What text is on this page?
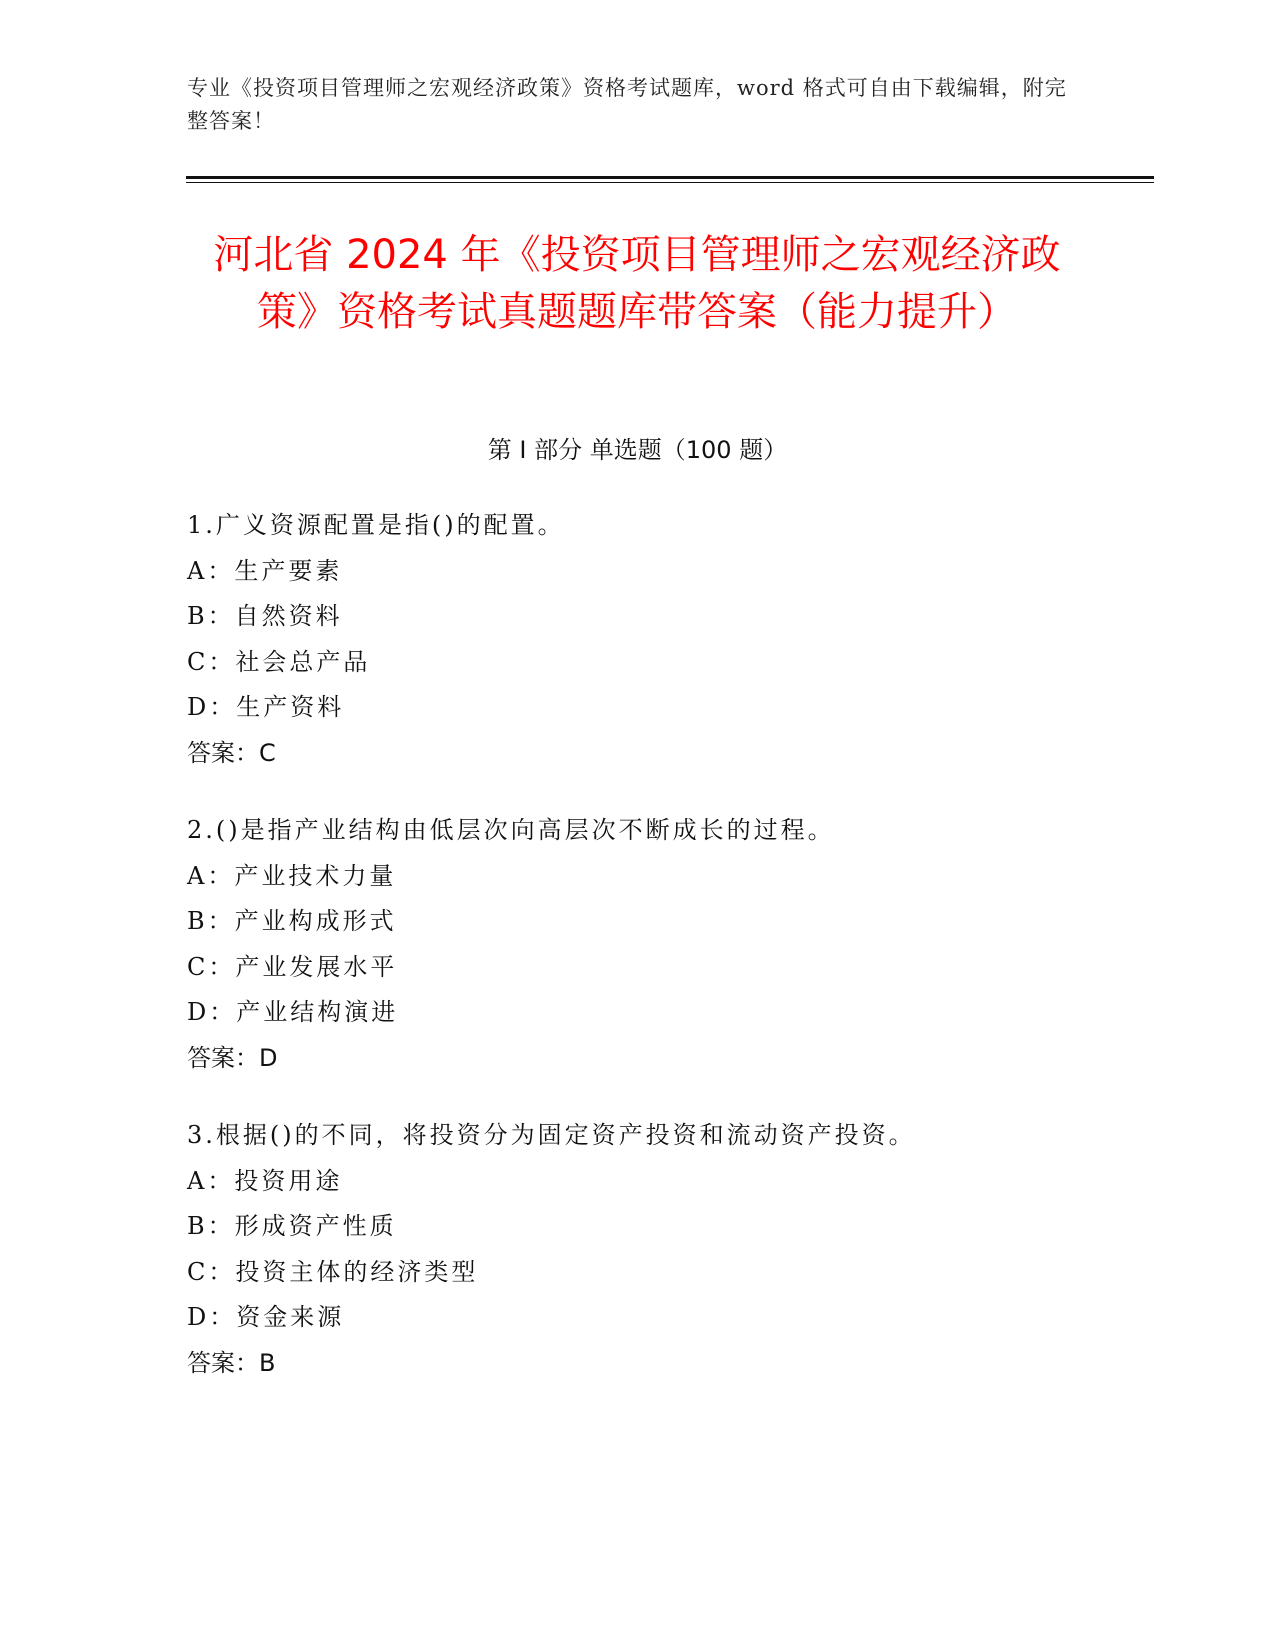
专业《投资项目管理师之宏观经济政策》资格考试题库，word 格式可自由下载编辑，附完整答案！
河北省 2024 年《投资项目管理师之宏观经济政策》资格考试真题题库带答案（能力提升）
第 I 部分 单选题（100 题）
1.广义资源配置是指()的配置。
A：生产要素
B：自然资料
C：社会总产品
D：生产资料
答案：C
2.()是指产业结构由低层次向高层次不断成长的过程。
A：产业技术力量
B：产业构成形式
C：产业发展水平
D：产业结构演进
答案：D
3.根据()的不同，将投资分为固定资产投资和流动资产投资。
A：投资用途
B：形成资产性质
C：投资主体的经济类型
D：资金来源
答案：B
